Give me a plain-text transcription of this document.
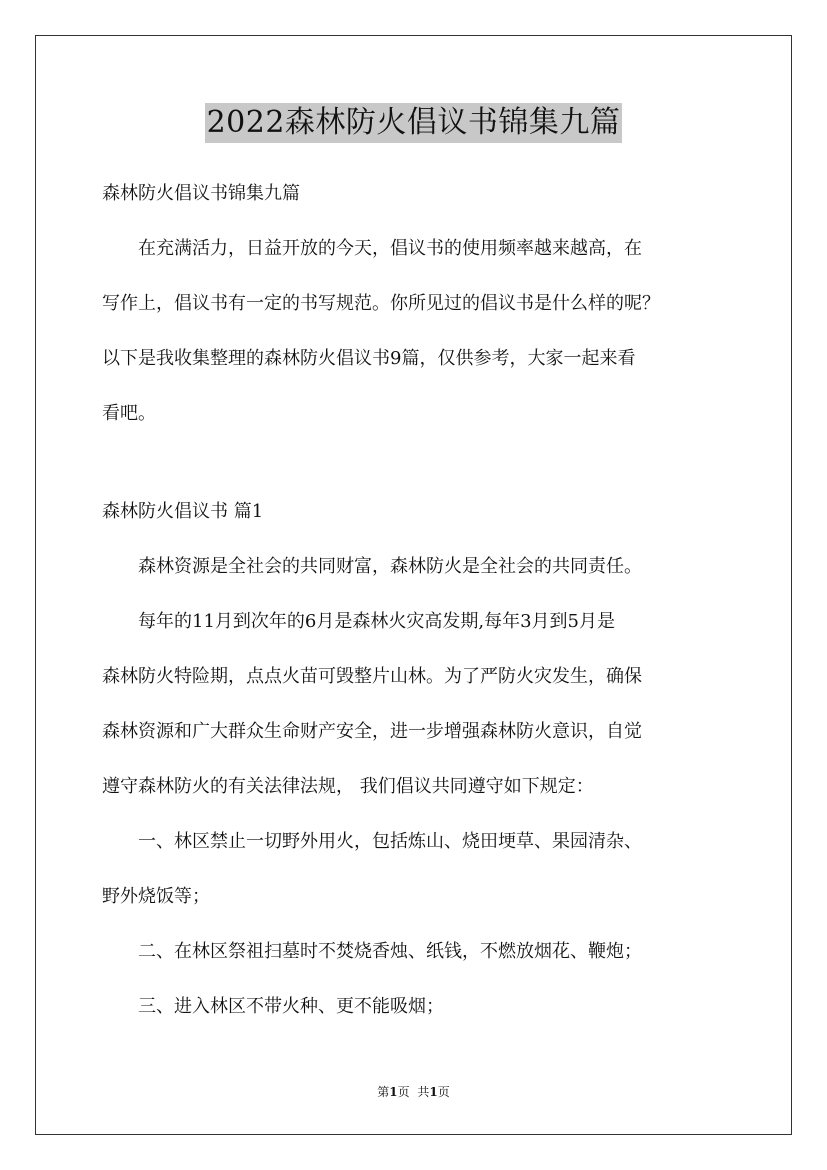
2022森林防火倡议书锦集九篇
森林防火倡议书锦集九篇
　　在充满活力，日益开放的今天，倡议书的使用频率越来越高，在
写作上，倡议书有一定的书写规范。你所见过的倡议书是什么样的呢？
以下是我收集整理的森林防火倡议书9篇，仅供参考，大家一起来看
看吧。
森林防火倡议书 篇1
　　森林资源是全社会的共同财富，森林防火是全社会的共同责任。
　　每年的11月到次年的6月是森林火灾高发期,每年3月到5月是
森林防火特险期，点点火苗可毁整片山林。为了严防火灾发生，确保
森林资源和广大群众生命财产安全，进一步增强森林防火意识，自觉
遵守森林防火的有关法律法规， 我们倡议共同遵守如下规定：
　　一、林区禁止一切野外用火，包括炼山、烧田埂草、果园清杂、
野外烧饭等；
　　二、在林区祭祖扫墓时不焚烧香烛、纸钱，不燃放烟花、鞭炮；
　　三、进入林区不带火种、更不能吸烟；
第1页 共1页
